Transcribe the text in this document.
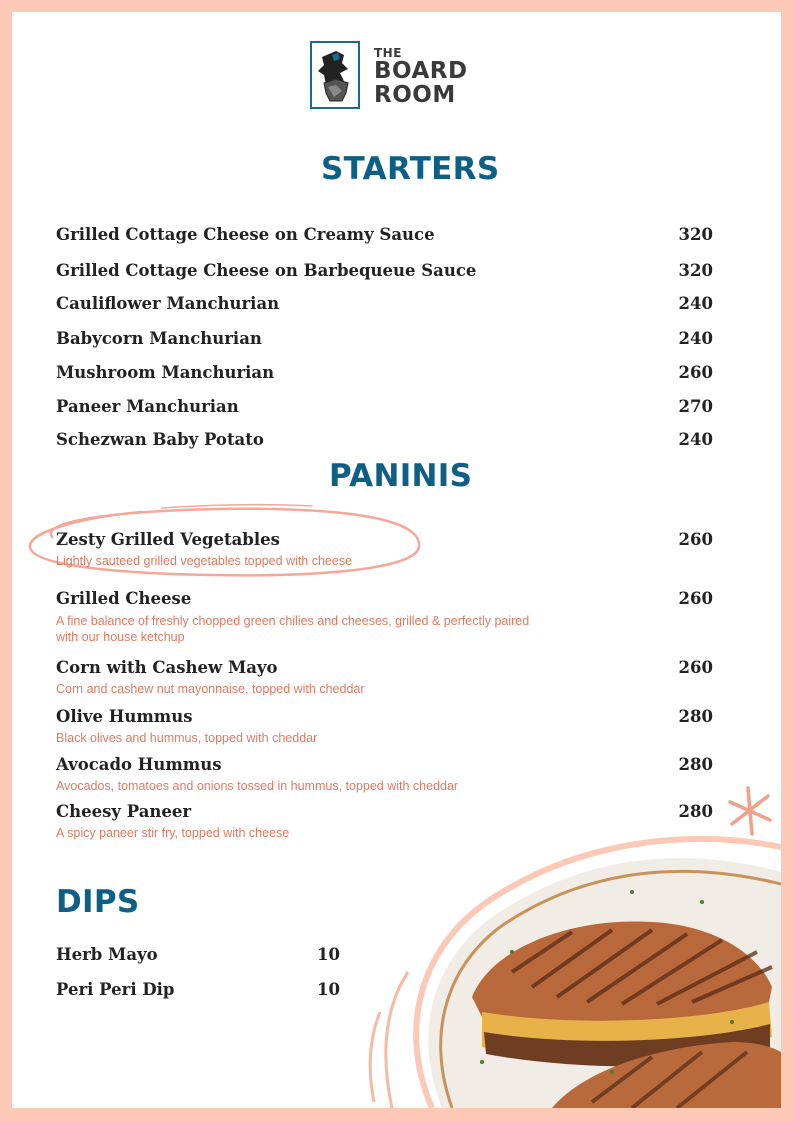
THE
BOARD
ROOM
STARTERS
Grilled Cottage Cheese on Creamy Sauce	320
Grilled Cottage Cheese on Barbequeue Sauce	320
Cauliflower Manchurian	240
Babycorn Manchurian	240
Mushroom Manchurian	260
Paneer Manchurian	270
Schezwan Baby Potato	240
PANINIS
Zesty Grilled Vegetables	260
Lightly sauteed grilled vegetables topped with cheese
Grilled Cheese	260
A fine balance of freshly chopped green chilies and cheeses, grilled & perfectly paired with our house ketchup
Corn with Cashew Mayo	260
Corn and cashew nut mayonnaise, topped with cheddar
Olive Hummus	280
Black olives and hummus, topped with cheddar
Avocado Hummus	280
Avocados, tomatoes and onions tossed in hummus, topped with cheddar
Cheesy Paneer	280
A spicy paneer stir fry, topped with cheese
DIPS
Herb Mayo	10
Peri Peri Dip	10
